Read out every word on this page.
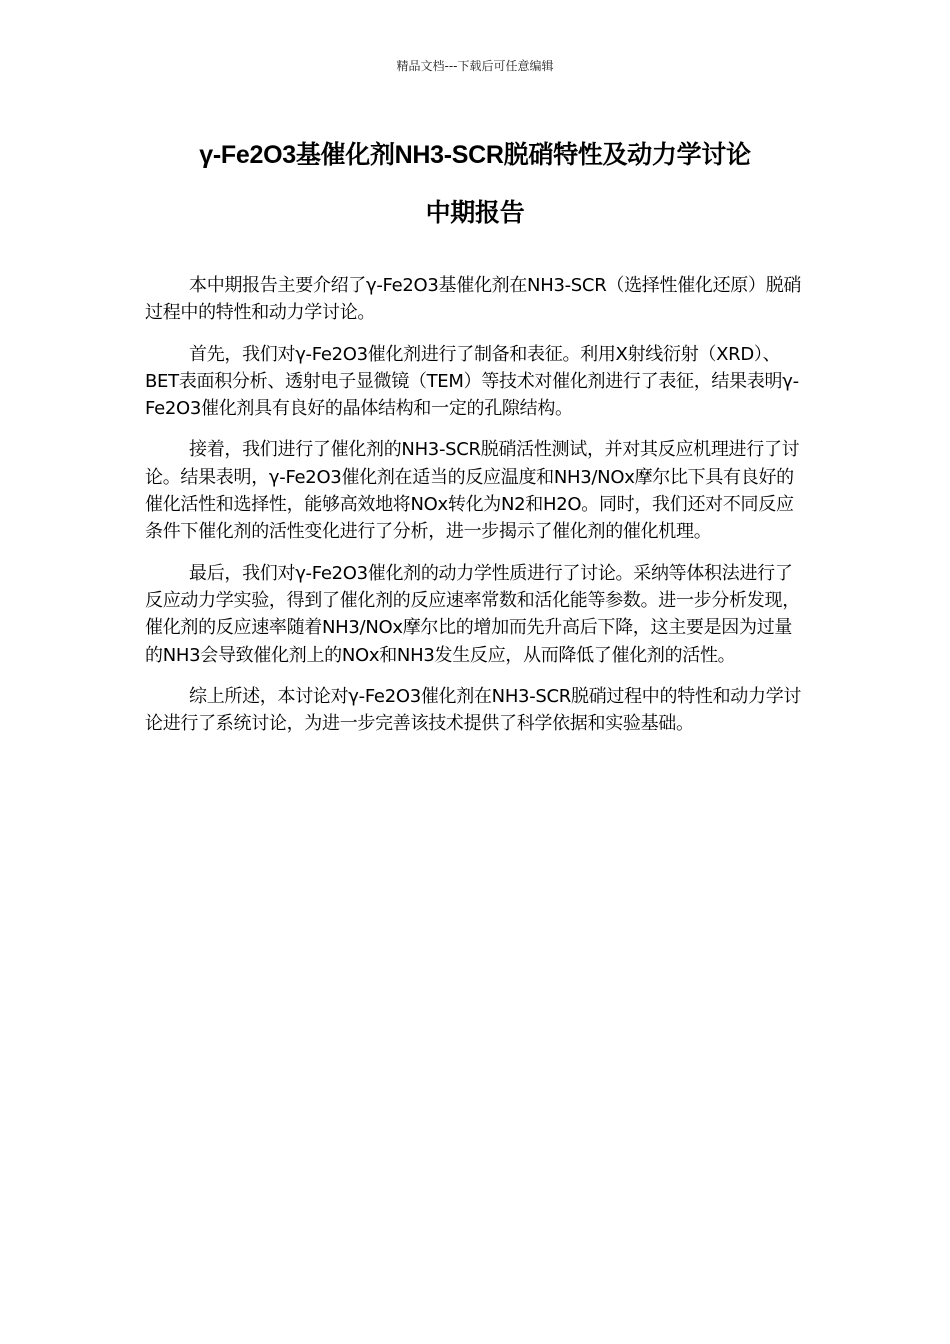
精品文档---下载后可任意编辑
γ-Fe2O3基催化剂NH3-SCR脱硝特性及动力学讨论
中期报告

本中期报告主要介绍了γ-Fe2O3基催化剂在NH3-SCR（选择性催化还原）脱硝过程中的特性和动力学讨论。

首先，我们对γ-Fe2O3催化剂进行了制备和表征。利用X射线衍射（XRD）、BET表面积分析、透射电子显微镜（TEM）等技术对催化剂进行了表征，结果表明γ-Fe2O3催化剂具有良好的晶体结构和一定的孔隙结构。

接着，我们进行了催化剂的NH3-SCR脱硝活性测试，并对其反应机理进行了讨论。结果表明，γ-Fe2O3催化剂在适当的反应温度和NH3/NOx摩尔比下具有良好的催化活性和选择性，能够高效地将NOx转化为N2和H2O。同时，我们还对不同反应条件下催化剂的活性变化进行了分析，进一步揭示了催化剂的催化机理。

最后，我们对γ-Fe2O3催化剂的动力学性质进行了讨论。采纳等体积法进行了反应动力学实验，得到了催化剂的反应速率常数和活化能等参数。进一步分析发现，催化剂的反应速率随着NH3/NOx摩尔比的增加而先升高后下降，这主要是因为过量的NH3会导致催化剂上的NOx和NH3发生反应，从而降低了催化剂的活性。

综上所述，本讨论对γ-Fe2O3催化剂在NH3-SCR脱硝过程中的特性和动力学讨论进行了系统讨论，为进一步完善该技术提供了科学依据和实验基础。
